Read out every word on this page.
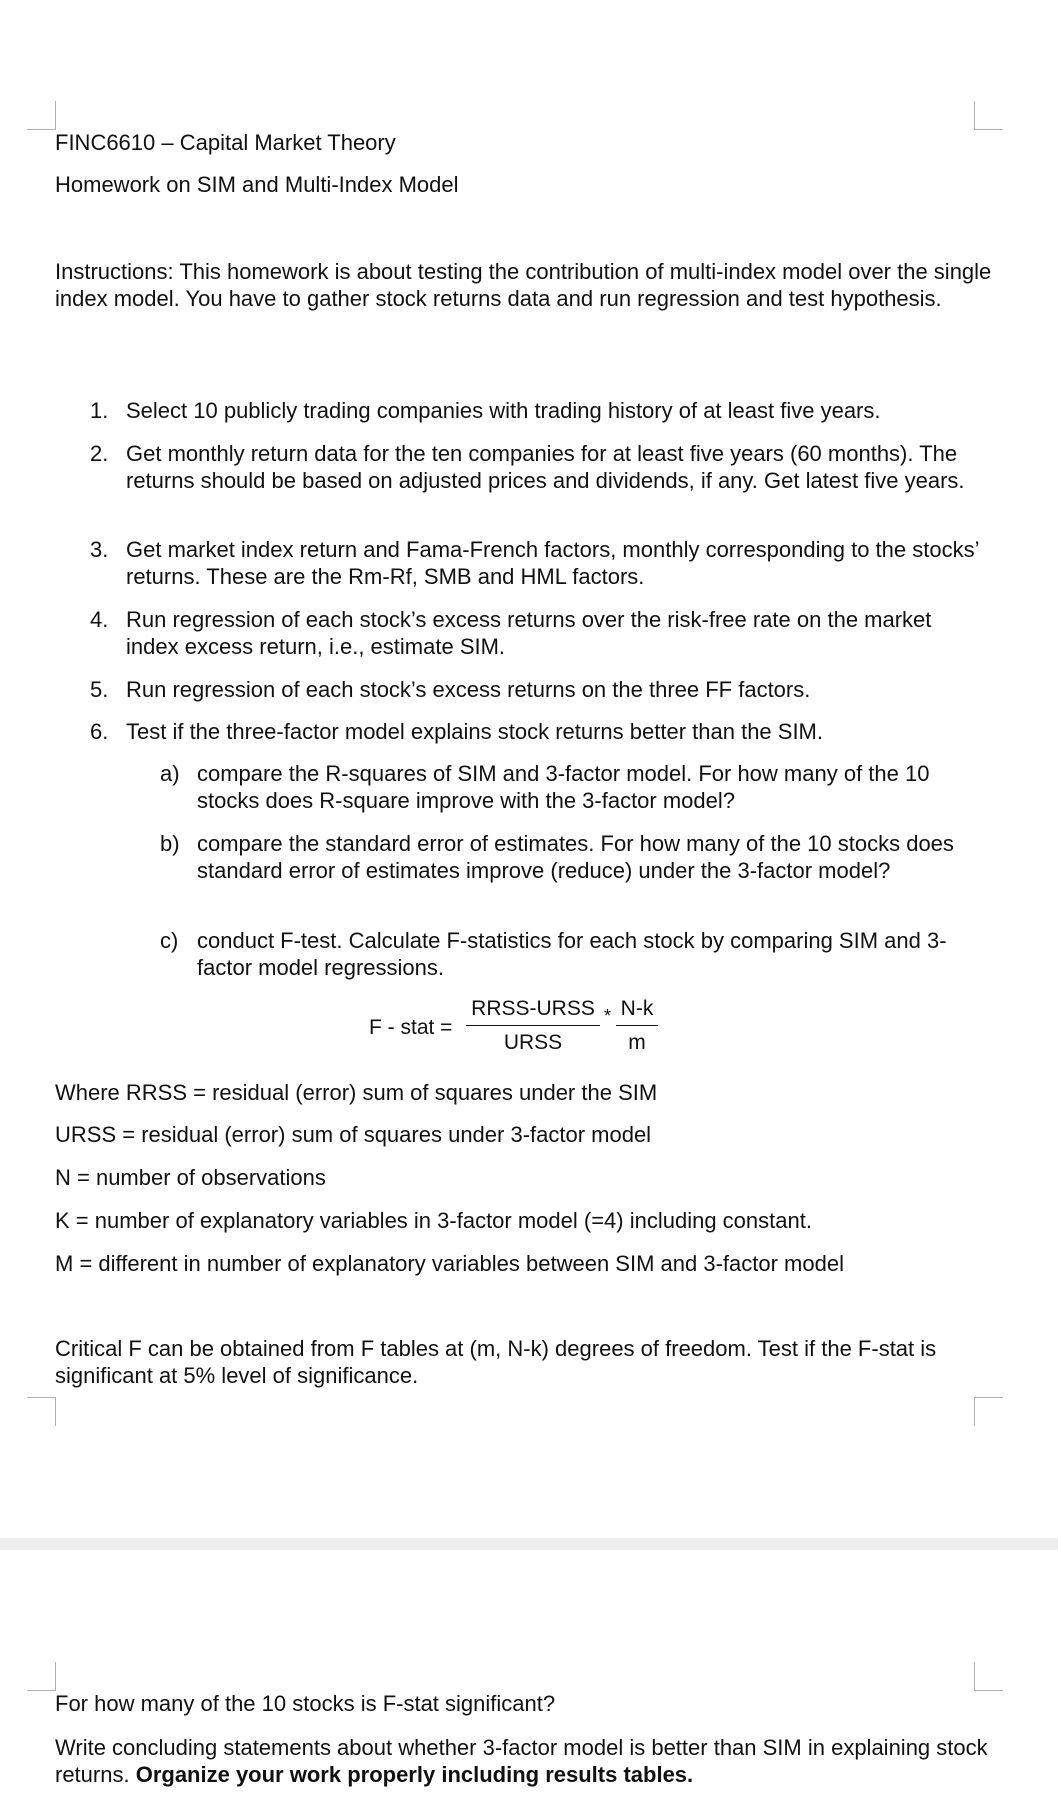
FINC6610 – Capital Market Theory
Homework on SIM and Multi-Index Model
Instructions: This homework is about testing the contribution of multi-index model over the single index model. You have to gather stock returns data and run regression and test hypothesis.
1. Select 10 publicly trading companies with trading history of at least five years.
2. Get monthly return data for the ten companies for at least five years (60 months). The returns should be based on adjusted prices and dividends, if any. Get latest five years.
3. Get market index return and Fama-French factors, monthly corresponding to the stocks’ returns. These are the Rm-Rf, SMB and HML factors.
4. Run regression of each stock’s excess returns over the risk-free rate on the market index excess return, i.e., estimate SIM.
5. Run regression of each stock’s excess returns on the three FF factors.
6. Test if the three-factor model explains stock returns better than the SIM.
a) compare the R-squares of SIM and 3-factor model. For how many of the 10 stocks does R-square improve with the 3-factor model?
b) compare the standard error of estimates. For how many of the 10 stocks does standard error of estimates improve (reduce) under the 3-factor model?
c) conduct F-test. Calculate F-statistics for each stock by comparing SIM and 3-factor model regressions.
F - stat =
RRSS-URSS
URSS
* N-k
m
Where RRSS = residual (error) sum of squares under the SIM
URSS = residual (error) sum of squares under 3-factor model
N = number of observations
K = number of explanatory variables in 3-factor model (=4) including constant.
M = different in number of explanatory variables between SIM and 3-factor model
Critical F can be obtained from F tables at (m, N-k) degrees of freedom. Test if the F-stat is significant at 5% level of significance.
For how many of the 10 stocks is F-stat significant?
Write concluding statements about whether 3-factor model is better than SIM in explaining stock returns. Organize your work properly including results tables.
